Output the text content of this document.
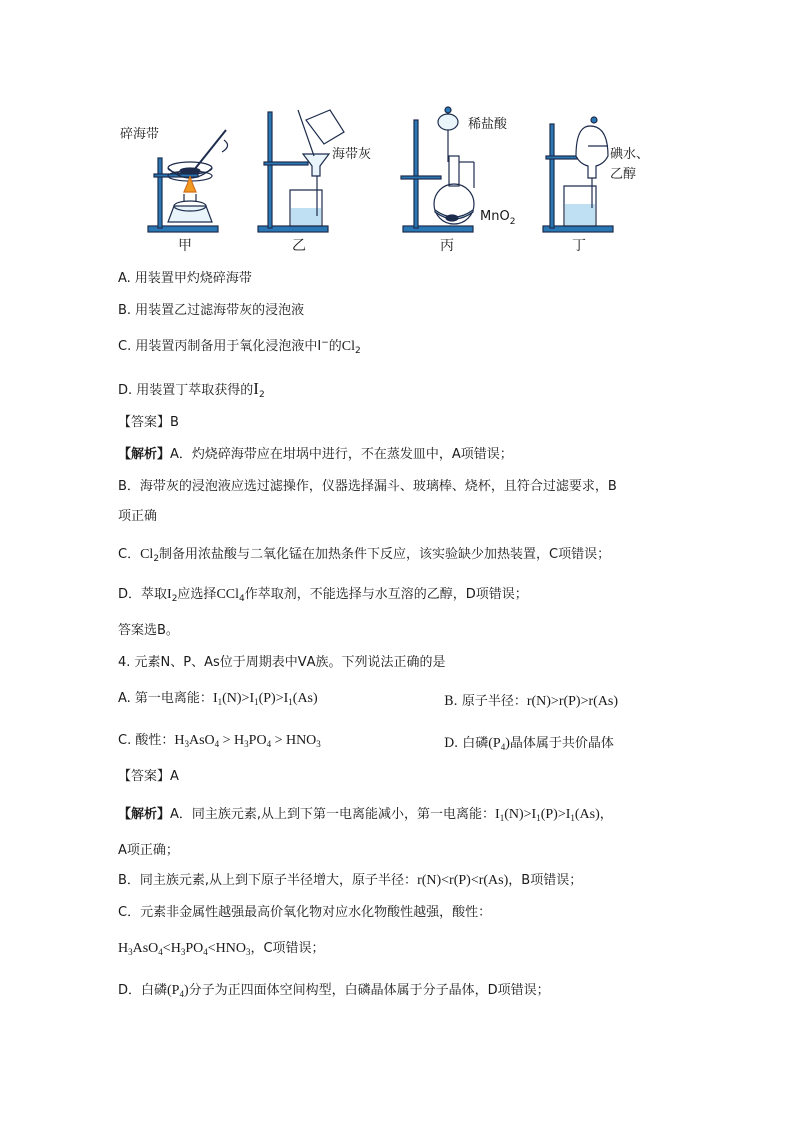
碎海带
海带灰
稀盐酸
MnO$_2$
碘水、
乙醇
甲	乙	丙	丁
A. 用装置甲灼烧碎海带
B. 用装置乙过滤海带灰的浸泡液
C. 用装置丙制备用于氧化浸泡液中I−的$Cl_2$
D. 用装置丁萃取获得的$I_2$
【答案】B
【解析】A．灼烧碎海带应在坩埚中进行，不在蒸发皿中，A项错误；
B．海带灰的浸泡液应选过滤操作，仪器选择漏斗、玻璃棒、烧杯，且符合过滤要求，B
项正确
C．$Cl_2$制备用浓盐酸与二氧化锰在加热条件下反应，该实验缺少加热装置，C项错误；
D．萃取$I_2$应选择CCl$_4$作萃取剂，不能选择与水互溶的乙醇，D项错误；
答案选B。
4. 元素N、P、As位于周期表中ⅤA族。下列说法正确的是
A. 第一电离能：$I_1(N)>I_1(P)>I_1(As)$	B. 原子半径：r(N)>r(P)>r(As)
C. 酸性：$H_3AsO_4 > H_3PO_4 > HNO_3$	D. 白磷$(P_4)$晶体属于共价晶体
【答案】A
【解析】A．同主族元素,从上到下第一电离能减小，第一电离能：$I_1(N)>I_1(P)>I_1(As)$，
A项正确；
B．同主族元素,从上到下原子半径增大，原子半径：r(N)<r(P)<r(As)，B项错误；
C．元素非金属性越强最高价氧化物对应水化物酸性越强，酸性：
$H_3AsO_4<H_3PO_4<HNO_3$，C项错误；
D．白磷$(P_4)$分子为正四面体空间构型，白磷晶体属于分子晶体，D项错误；
